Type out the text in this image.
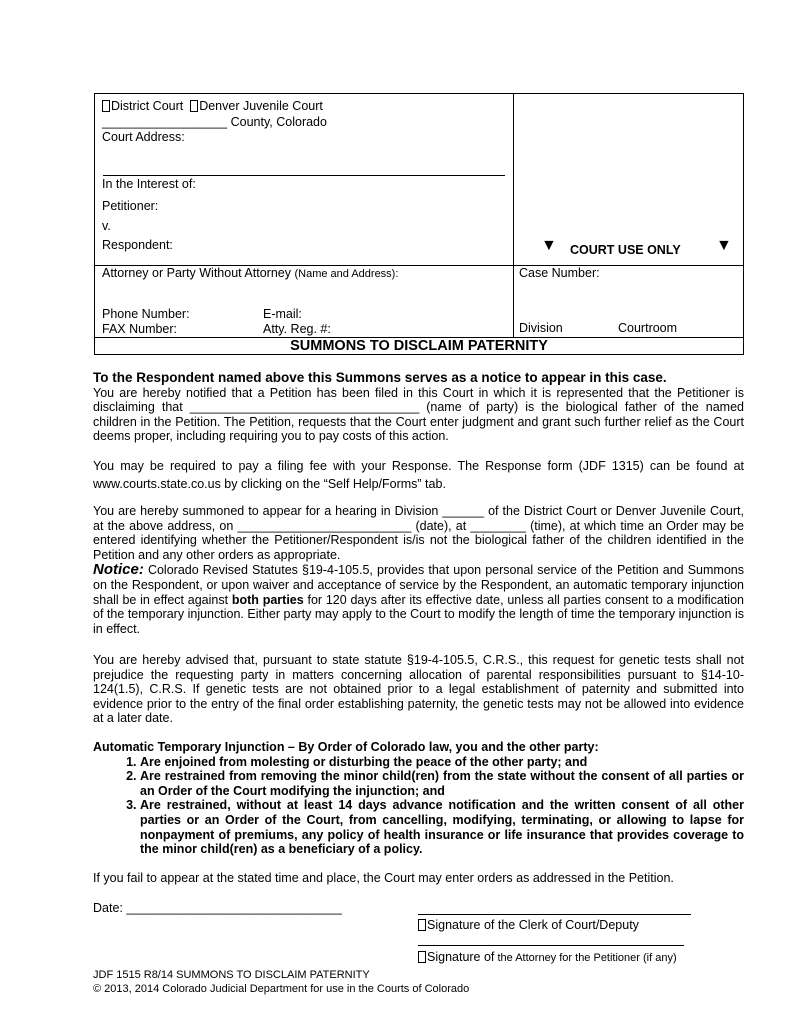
District Court Denver Juvenile Court
__________________ County, Colorado
Court Address:
In the Interest of:
Petitioner:
v.
Respondent:	▼ COURT USE ONLY ▼
Attorney or Party Without Attorney (Name and Address):
Phone Number:	E-mail:
FAX Number:	Atty. Reg. #:
Case Number:
Division	Courtroom
SUMMONS TO DISCLAIM PATERNITY

To the Respondent named above this Summons serves as a notice to appear in this case.

You are hereby notified that a Petition has been filed in this Court in which it is represented that the Petitioner is disclaiming that _________________________________ (name of party) is the biological father of the named children in the Petition. The Petition, requests that the Court enter judgment and grant such further relief as the Court deems proper, including requiring you to pay costs of this action.

You may be required to pay a filing fee with your Response. The Response form (JDF 1315) can be found at www.courts.state.co.us by clicking on the “Self Help/Forms” tab.

You are hereby summoned to appear for a hearing in Division ______ of the District Court or Denver Juvenile Court, at the above address, on _________________________ (date), at ________ (time), at which time an Order may be entered identifying whether the Petitioner/Respondent is/is not the biological father of the children identified in the Petition and any other orders as appropriate.

Notice: Colorado Revised Statutes §19-4-105.5, provides that upon personal service of the Petition and Summons on the Respondent, or upon waiver and acceptance of service by the Respondent, an automatic temporary injunction shall be in effect against both parties for 120 days after its effective date, unless all parties consent to a modification of the temporary injunction. Either party may apply to the Court to modify the length of time the temporary injunction is in effect.

You are hereby advised that, pursuant to state statute §19-4-105.5, C.R.S., this request for genetic tests shall not prejudice the requesting party in matters concerning allocation of parental responsibilities pursuant to §14-10-124(1.5), C.R.S. If genetic tests are not obtained prior to a legal establishment of paternity and submitted into evidence prior to the entry of the final order establishing paternity, the genetic tests may not be allowed into evidence at a later date.

Automatic Temporary Injunction – By Order of Colorado law, you and the other party:

1. Are enjoined from molesting or disturbing the peace of the other party; and
2. Are restrained from removing the minor child(ren) from the state without the consent of all parties or an Order of the Court modifying the injunction; and
3. Are restrained, without at least 14 days advance notification and the written consent of all other parties or an Order of the Court, from cancelling, modifying, terminating, or allowing to lapse for nonpayment of premiums, any policy of health insurance or life insurance that provides coverage to the minor child(ren) as a beneficiary of a policy.

If you fail to appear at the stated time and place, the Court may enter orders as addressed in the Petition.

Date: _______________________________
Signature of the Clerk of Court/Deputy
Signature of the Attorney for the Petitioner (if any)
JDF 1515 R8/14 SUMMONS TO DISCLAIM PATERNITY
© 2013, 2014 Colorado Judicial Department for use in the Courts of Colorado
